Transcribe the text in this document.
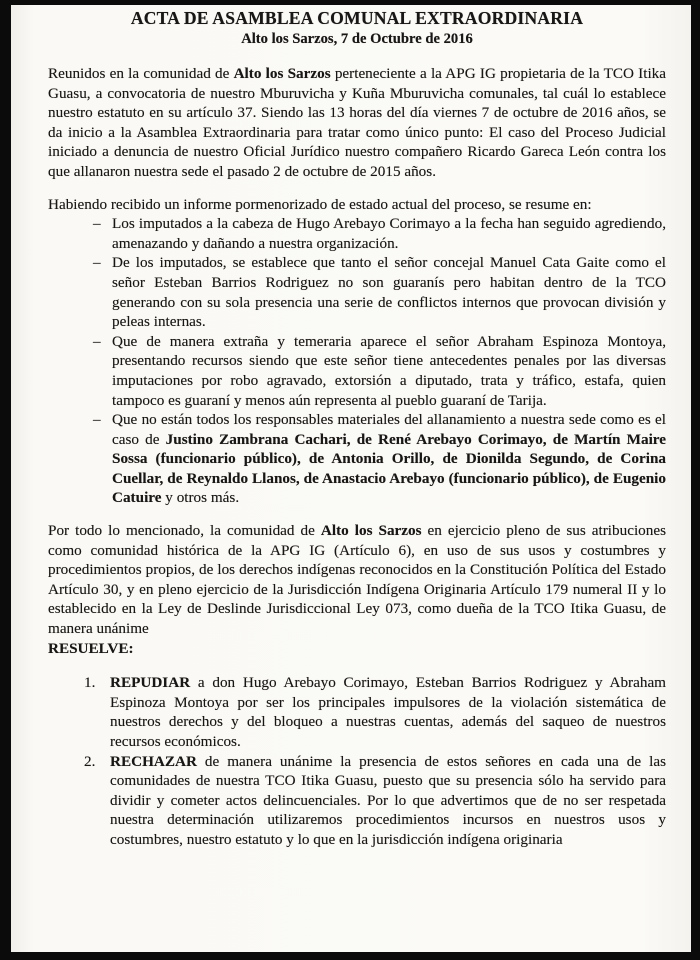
ACTA DE ASAMBLEA COMUNAL EXTRAORDINARIA
Alto los Sarzos, 7 de Octubre de 2016

Reunidos en la comunidad de Alto los Sarzos perteneciente a la APG IG propietaria de la TCO Itika Guasu, a convocatoria de nuestro Mburuvicha y Kuña Mburuvicha comunales, tal cuál lo establece nuestro estatuto en su artículo 37. Siendo las 13 horas del día viernes 7 de octubre de 2016 años, se da inicio a la Asamblea Extraordinaria para tratar como único punto: El caso del Proceso Judicial iniciado a denuncia de nuestro Oficial Jurídico nuestro compañero Ricardo Gareca León contra los que allanaron nuestra sede el pasado 2 de octubre de 2015 años.

Habiendo recibido un informe pormenorizado de estado actual del proceso, se resume en:

– Los imputados a la cabeza de Hugo Arebayo Corimayo a la fecha han seguido agrediendo, amenazando y dañando a nuestra organización.
– De los imputados, se establece que tanto el señor concejal Manuel Cata Gaite como el señor Esteban Barrios Rodriguez no son guaranís pero habitan dentro de la TCO generando con su sola presencia una serie de conflictos internos que provocan división y peleas internas.
– Que de manera extraña y temeraria aparece el señor Abraham Espinoza Montoya, presentando recursos siendo que este señor tiene antecedentes penales por las diversas imputaciones por robo agravado, extorsión a diputado, trata y tráfico, estafa, quien tampoco es guaraní y menos aún representa al pueblo guaraní de Tarija.
– Que no están todos los responsables materiales del allanamiento a nuestra sede como es el caso de Justino Zambrana Cachari, de René Arebayo Corimayo, de Martín Maire Sossa (funcionario público), de Antonia Orillo, de Dionilda Segundo, de Corina Cuellar, de Reynaldo Llanos, de Anastacio Arebayo (funcionario público), de Eugenio Catuire y otros más.

Por todo lo mencionado, la comunidad de Alto los Sarzos en ejercicio pleno de sus atribuciones como comunidad histórica de la APG IG (Artículo 6), en uso de sus usos y costumbres y procedimientos propios, de los derechos indígenas reconocidos en la Constitución Política del Estado Artículo 30, y en pleno ejercicio de la Jurisdicción Indígena Originaria Artículo 179 numeral II y lo establecido en la Ley de Deslinde Jurisdiccional Ley 073, como dueña de la TCO Itika Guasu, de manera unánime

RESUELVE:

1. REPUDIAR a don Hugo Arebayo Corimayo, Esteban Barrios Rodriguez y Abraham Espinoza Montoya por ser los principales impulsores de la violación sistemática de nuestros derechos y del bloqueo a nuestras cuentas, además del saqueo de nuestros recursos económicos.
2. RECHAZAR de manera unánime la presencia de estos señores en cada una de las comunidades de nuestra TCO Itika Guasu, puesto que su presencia sólo ha servido para dividir y cometer actos delincuenciales. Por lo que advertimos que de no ser respetada nuestra determinación utilizaremos procedimientos incursos en nuestros usos y costumbres, nuestro estatuto y lo que en la jurisdicción indígena originaria
